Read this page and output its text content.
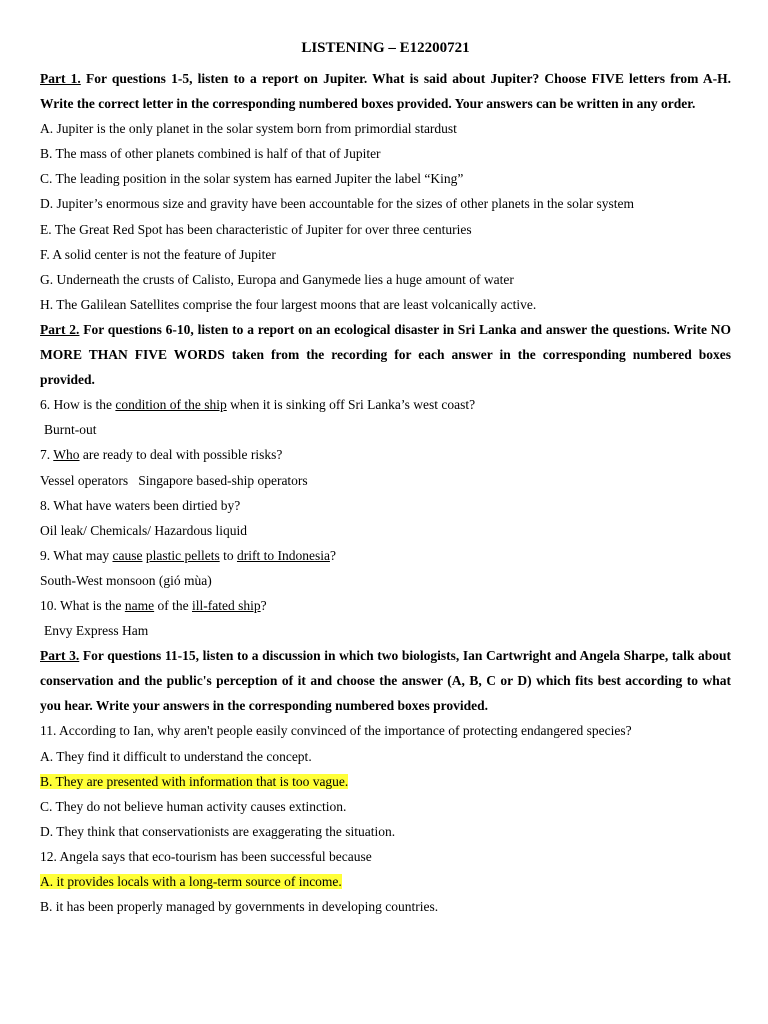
LISTENING – E12200721
Part 1. For questions 1-5, listen to a report on Jupiter. What is said about Jupiter? Choose FIVE letters from A-H. Write the correct letter in the corresponding numbered boxes provided. Your answers can be written in any order.
A. Jupiter is the only planet in the solar system born from primordial stardust
B. The mass of other planets combined is half of that of Jupiter
C. The leading position in the solar system has earned Jupiter the label “King”
D. Jupiter’s enormous size and gravity have been accountable for the sizes of other planets in the solar system
E. The Great Red Spot has been characteristic of Jupiter for over three centuries
F. A solid center is not the feature of Jupiter
G. Underneath the crusts of Calisto, Europa and Ganymede lies a huge amount of water
H. The Galilean Satellites comprise the four largest moons that are least volcanically active.
Part 2. For questions 6-10, listen to a report on an ecological disaster in Sri Lanka and answer the questions. Write NO MORE THAN FIVE WORDS taken from the recording for each answer in the corresponding numbered boxes provided.
6. How is the condition of the ship when it is sinking off Sri Lanka’s west coast?
Burnt-out
7. Who are ready to deal with possible risks?
Vessel operators   Singapore based-ship operators
8. What have waters been dirtied by?
Oil leak/ Chemicals/ Hazardous liquid
9. What may cause plastic pellets to drift to Indonesia?
South-West monsoon (gió mùa)
10. What is the name of the ill-fated ship?
Envy Express Ham
Part 3. For questions 11-15, listen to a discussion in which two biologists, Ian Cartwright and Angela Sharpe, talk about conservation and the public's perception of it and choose the answer (A, B, C or D) which fits best according to what you hear. Write your answers in the corresponding numbered boxes provided.
11. According to Ian, why aren't people easily convinced of the importance of protecting endangered species?
A. They find it difficult to understand the concept.
B. They are presented with information that is too vague.
C. They do not believe human activity causes extinction.
D. They think that conservationists are exaggerating the situation.
12. Angela says that eco-tourism has been successful because
A. it provides locals with a long-term source of income.
B. it has been properly managed by governments in developing countries.
